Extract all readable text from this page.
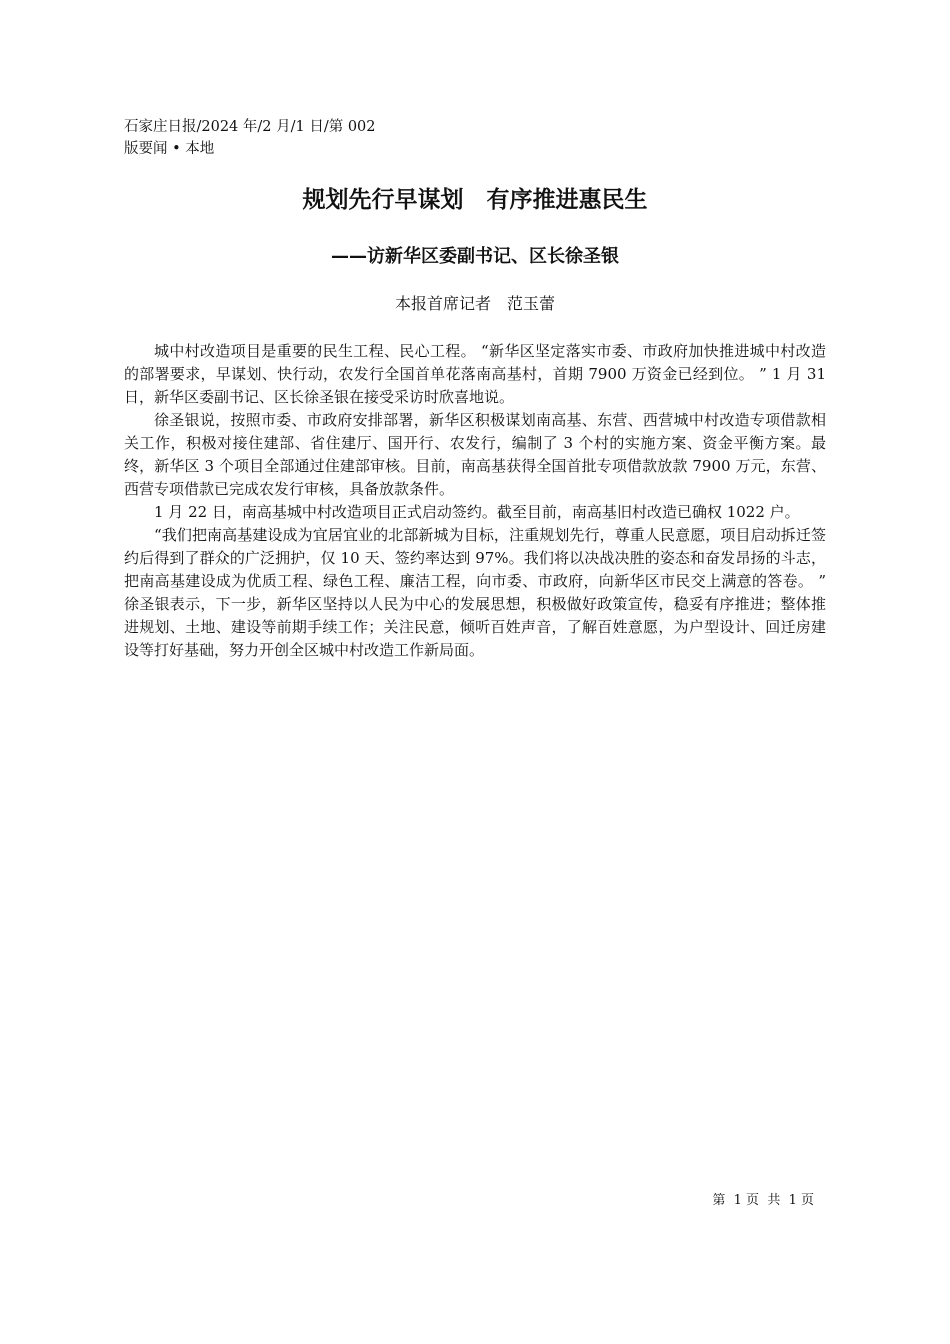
石家庄日报/2024 年/2 月/1 日/第 002
版要闻 • 本地
规划先行早谋划　有序推进惠民生
——访新华区委副书记、区长徐圣银
本报首席记者　范玉蕾

城中村改造项目是重要的民生工程、民心工程。 “新华区坚定落实市委、市政府加快推进城中村改造的部署要求，早谋划、快行动，农发行全国首单花落南高基村，首期 7900 万资金已经到位。 ” 1 月 31 日，新华区委副书记、区长徐圣银在接受采访时欣喜地说。

徐圣银说，按照市委、市政府安排部署，新华区积极谋划南高基、东营、西营城中村改造专项借款相关工作，积极对接住建部、省住建厅、国开行、农发行，编制了 3 个村的实施方案、资金平衡方案。最终，新华区 3 个项目全部通过住建部审核。目前，南高基获得全国首批专项借款放款 7900 万元，东营、西营专项借款已完成农发行审核，具备放款条件。

1 月 22 日，南高基城中村改造项目正式启动签约。截至目前，南高基旧村改造已确权 1022 户。

“我们把南高基建设成为宜居宜业的北部新城为目标，注重规划先行，尊重人民意愿，项目启动拆迁签约后得到了群众的广泛拥护，仅 10 天、签约率达到 97%。我们将以决战决胜的姿态和奋发昂扬的斗志，把南高基建设成为优质工程、绿色工程、廉洁工程，向市委、市政府，向新华区市民交上满意的答卷。 ” 徐圣银表示，下一步，新华区坚持以人民为中心的发展思想，积极做好政策宣传，稳妥有序推进；整体推进规划、土地、建设等前期手续工作；关注民意，倾听百姓声音，了解百姓意愿，为户型设计、回迁房建设等打好基础，努力开创全区城中村改造工作新局面。

第  1 页  共  1 页
